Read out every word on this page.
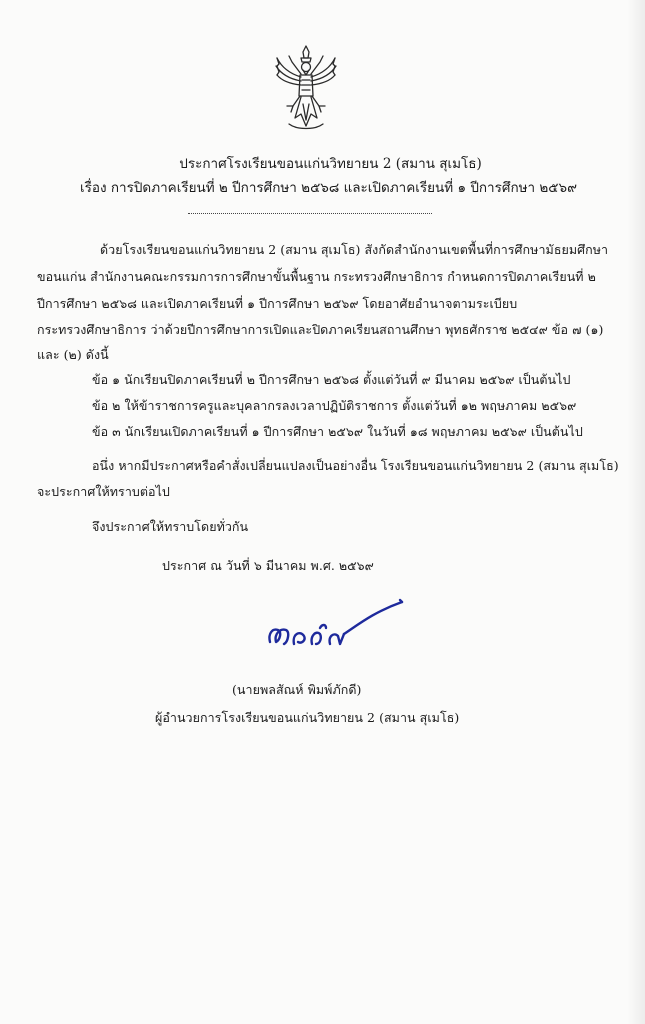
ประกาศโรงเรียนขอนแก่นวิทยายน 2 (สมาน สุเมโธ)
เรื่อง การปิดภาคเรียนที่ ๒ ปีการศึกษา ๒๕๖๘ และเปิดภาคเรียนที่ ๑ ปีการศึกษา ๒๕๖๙
ด้วยโรงเรียนขอนแก่นวิทยายน 2 (สมาน สุเมโธ) สังกัดสำนักงานเขตพื้นที่การศึกษามัธยมศึกษา
ขอนแก่น สำนักงานคณะกรรมการการศึกษาขั้นพื้นฐาน กระทรวงศึกษาธิการ กำหนดการปิดภาคเรียนที่ ๒
ปีการศึกษา ๒๕๖๘ และเปิดภาคเรียนที่ ๑ ปีการศึกษา ๒๕๖๙ โดยอาศัยอำนาจตามระเบียบ
กระทรวงศึกษาธิการ ว่าด้วยปีการศึกษาการเปิดและปิดภาคเรียนสถานศึกษา พุทธศักราช ๒๕๔๙ ข้อ ๗ (๑)
และ (๒) ดังนี้
ข้อ ๑ นักเรียนปิดภาคเรียนที่ ๒ ปีการศึกษา ๒๕๖๘ ตั้งแต่วันที่ ๙ มีนาคม ๒๕๖๙ เป็นต้นไป
ข้อ ๒ ให้ข้าราชการครูและบุคลากรลงเวลาปฏิบัติราชการ ตั้งแต่วันที่ ๑๒ พฤษภาคม ๒๕๖๙
ข้อ ๓ นักเรียนเปิดภาคเรียนที่ ๑ ปีการศึกษา ๒๕๖๙ ในวันที่ ๑๘ พฤษภาคม ๒๕๖๙ เป็นต้นไป
อนึ่ง หากมีประกาศหรือคำสั่งเปลี่ยนแปลงเป็นอย่างอื่น โรงเรียนขอนแก่นวิทยายน 2 (สมาน สุเมโธ)
จะประกาศให้ทราบต่อไป
จึงประกาศให้ทราบโดยทั่วกัน
ประกาศ ณ วันที่ ๖ มีนาคม พ.ศ. ๒๕๖๙
(นายพลสัณห์ พิมพ์ภักดี)
ผู้อำนวยการโรงเรียนขอนแก่นวิทยายน 2 (สมาน สุเมโธ)
